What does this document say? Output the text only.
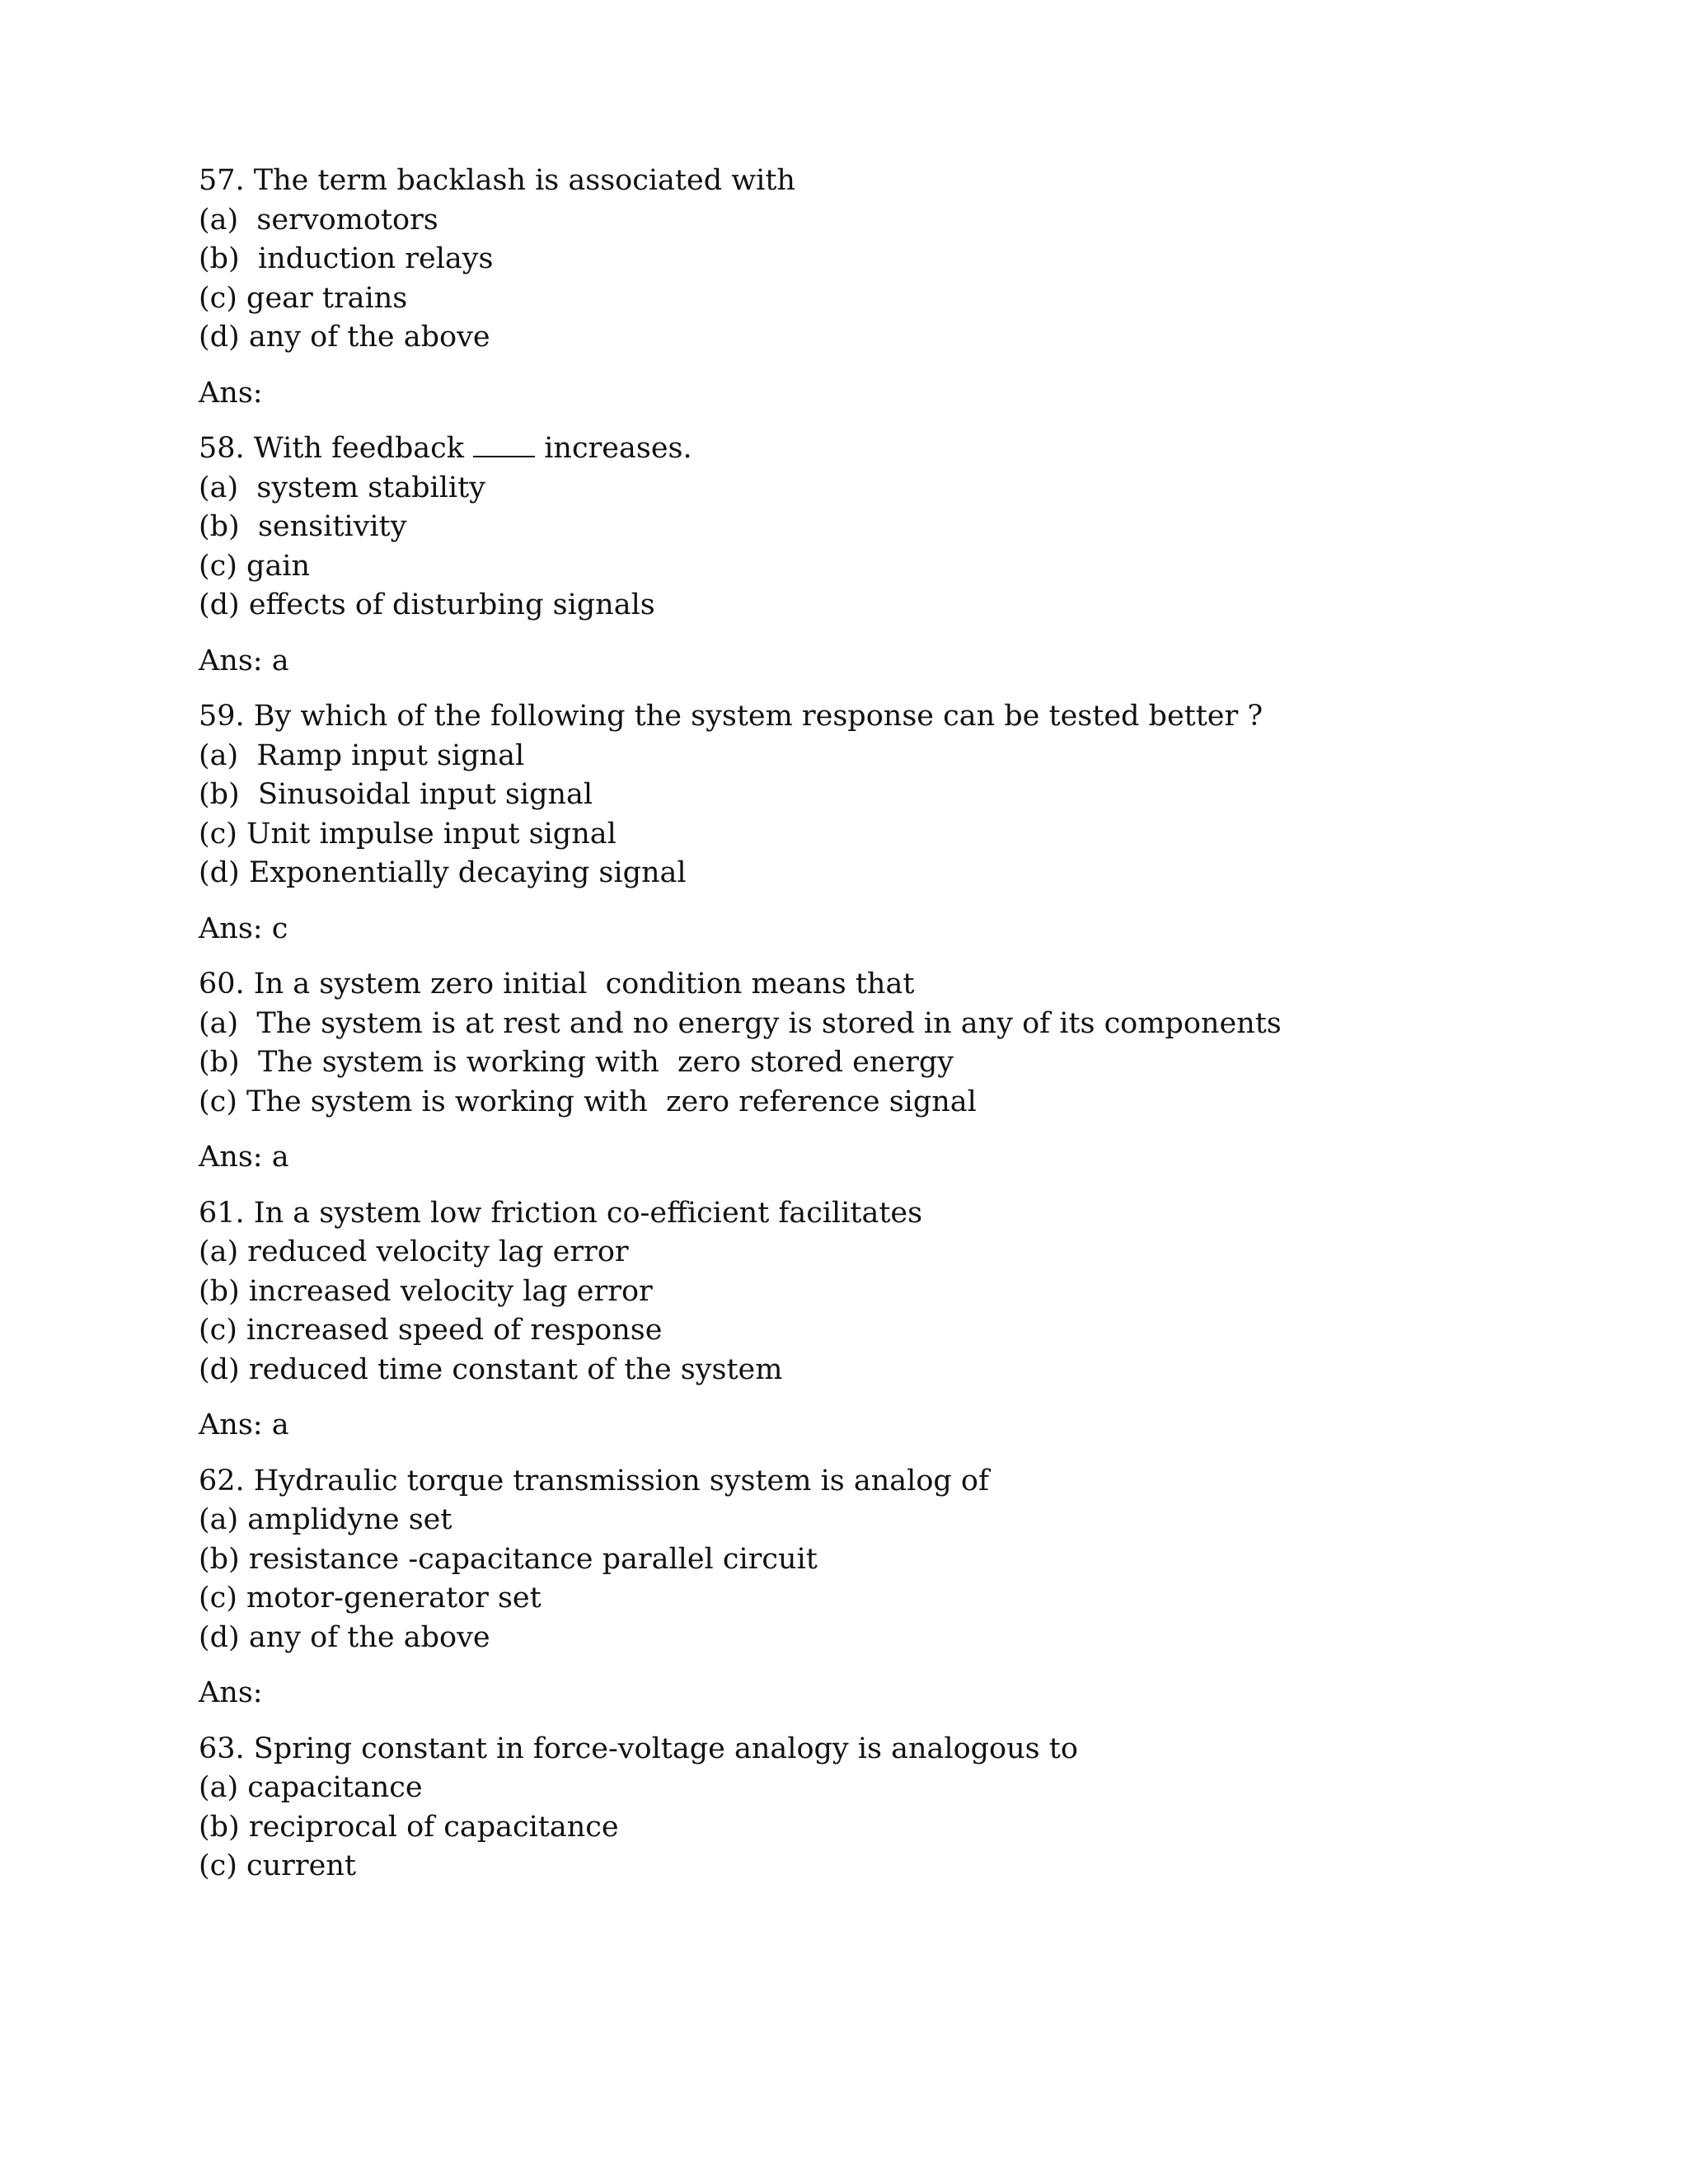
57. The term backlash is associated with
(a)  servomotors
(b)  induction relays
(c) gear trains
(d) any of the above
Ans:
58. With feedback  increases.
(a)  system stability
(b)  sensitivity
(c) gain
(d) effects of disturbing signals
Ans: a
59. By which of the following the system response can be tested better ?
(a)  Ramp input signal
(b)  Sinusoidal input signal
(c) Unit impulse input signal
(d) Exponentially decaying signal
Ans: c
60. In a system zero initial  condition means that
(a)  The system is at rest and no energy is stored in any of its components
(b)  The system is working with  zero stored energy
(c) The system is working with  zero reference signal
Ans: a
61. In a system low friction co-efficient facilitates
(a) reduced velocity lag error
(b) increased velocity lag error
(c) increased speed of response
(d) reduced time constant of the system
Ans: a
62. Hydraulic torque transmission system is analog of
(a) amplidyne set
(b) resistance -capacitance parallel circuit
(c) motor-generator set
(d) any of the above
Ans:
63. Spring constant in force-voltage analogy is analogous to
(a) capacitance
(b) reciprocal of capacitance
(c) current
